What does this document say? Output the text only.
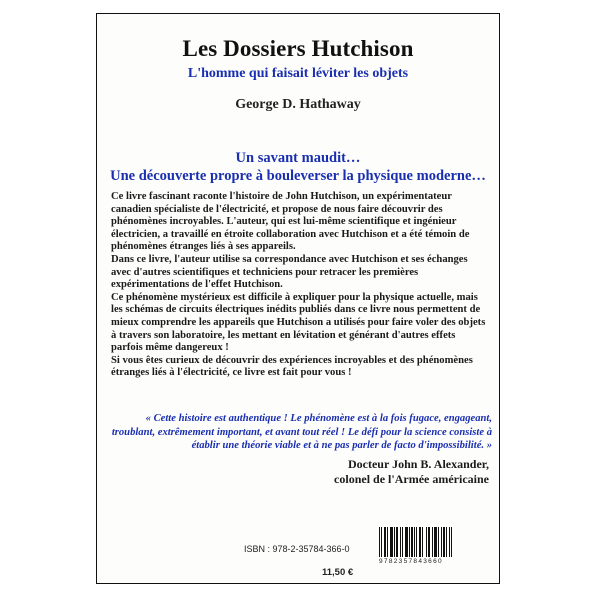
Les Dossiers Hutchison
L'homme qui faisait léviter les objets
George D. Hathaway
Un savant maudit…
Une découverte propre à bouleverser la physique moderne…

Ce livre fascinant raconte l'histoire de John Hutchison, un expérimentateur canadien spécialiste de l'électricité, et propose de nous faire découvrir des phénomènes incroyables. L'auteur, qui est lui-même scientifique et ingénieur électricien, a travaillé en étroite collaboration avec Hutchison et a été témoin de phénomènes étranges liés à ses appareils.

Dans ce livre, l'auteur utilise sa correspondance avec Hutchison et ses échanges avec d'autres scientifiques et techniciens pour retracer les premières expérimentations de l'effet Hutchison.

Ce phénomène mystérieux est difficile à expliquer pour la physique actuelle, mais les schémas de circuits électriques inédits publiés dans ce livre nous permettent de mieux comprendre les appareils que Hutchison a utilisés pour faire voler des objets à travers son laboratoire, les mettant en lévitation et générant d'autres effets parfois même dangereux !

Si vous êtes curieux de découvrir des expériences incroyables et des phénomènes étranges liés à l'électricité, ce livre est fait pour vous !

« Cette histoire est authentique ! Le phénomène est à la fois fugace, engageant, troublant, extrêmement important, et avant tout réel ! Le défi pour la science consiste à établir une théorie viable et à ne pas parler de facto d'impossibilité. »
Docteur John B. Alexander,
colonel de l'Armée américaine
ISBN : 978-2-35784-366-0
11,50 €
9782357843660
